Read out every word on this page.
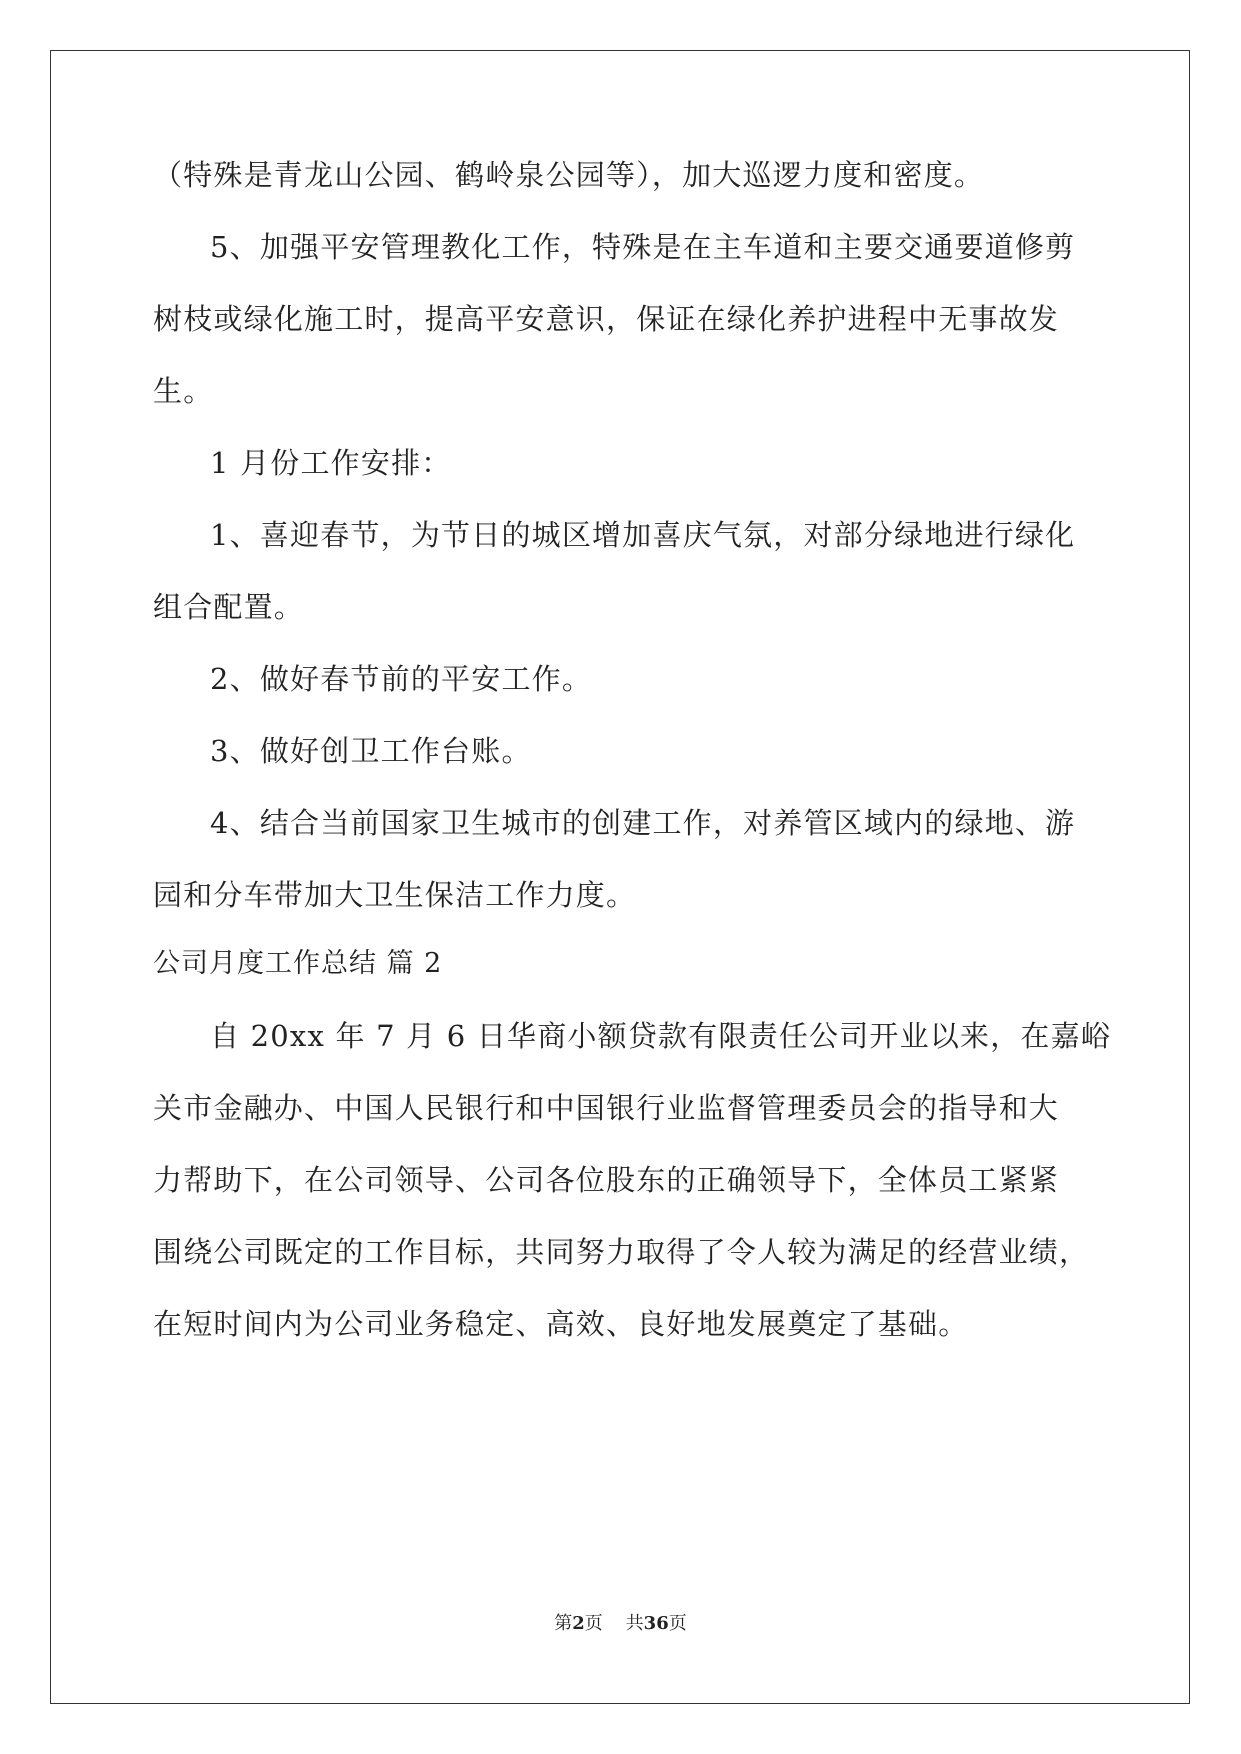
（特殊是青龙山公园、鹤岭泉公园等），加大巡逻力度和密度。
5、加强平安管理教化工作，特殊是在主车道和主要交通要道修剪
树枝或绿化施工时，提高平安意识，保证在绿化养护进程中无事故发
生。
1 月份工作安排：
1、喜迎春节，为节日的城区增加喜庆气氛，对部分绿地进行绿化
组合配置。
2、做好春节前的平安工作。
3、做好创卫工作台账。
4、结合当前国家卫生城市的创建工作，对养管区域内的绿地、游
园和分车带加大卫生保洁工作力度。
公司月度工作总结 篇 2
自 20xx 年 7 月 6 日华商小额贷款有限责任公司开业以来，在嘉峪
关市金融办、中国人民银行和中国银行业监督管理委员会的指导和大
力帮助下，在公司领导、公司各位股东的正确领导下，全体员工紧紧
围绕公司既定的工作目标，共同努力取得了令人较为满足的经营业绩，
在短时间内为公司业务稳定、高效、良好地发展奠定了基础。
第2页 共36页
